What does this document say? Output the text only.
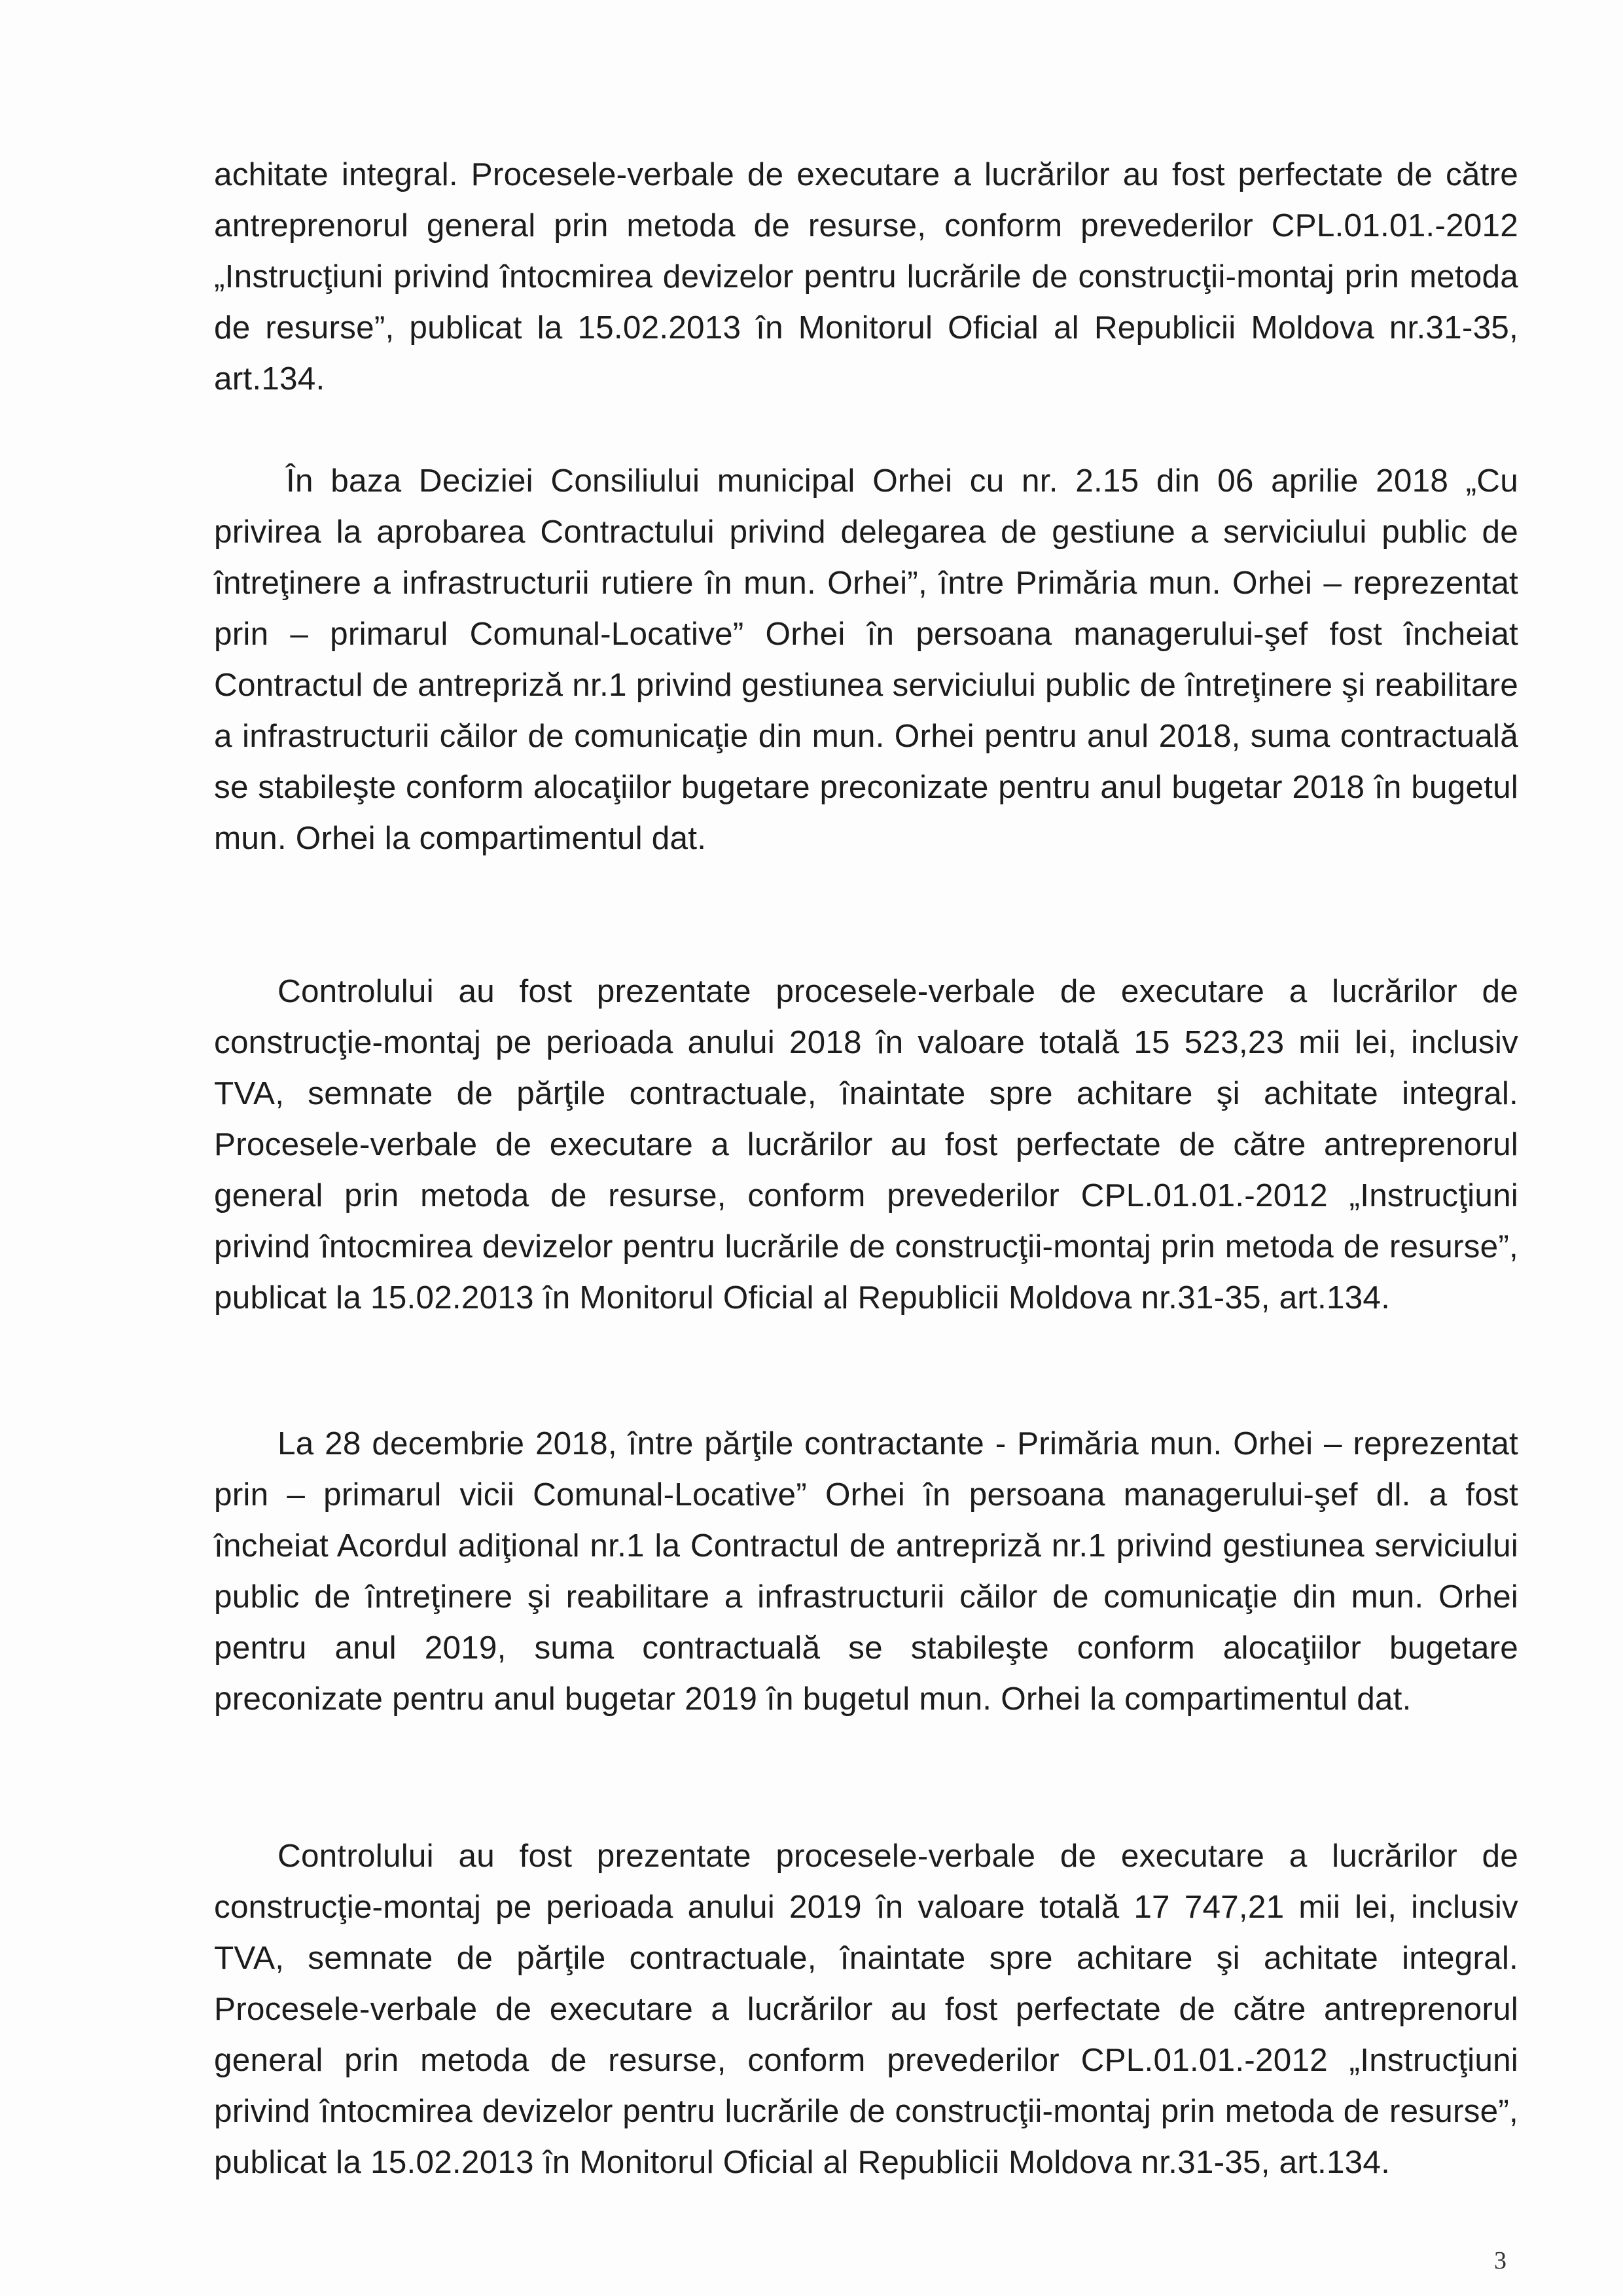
achitate integral. Procesele-verbale de executare a lucrărilor au fost perfectate de către antreprenorul general prin metoda de resurse, conform prevederilor CPL.01.01.-2012 „Instrucţiuni privind întocmirea devizelor pentru lucrările de construcţii-montaj prin metoda de resurse”, publicat la 15.02.2013 în Monitorul Oficial al Republicii Moldova nr.31-35, art.134.

În baza Deciziei Consiliului municipal Orhei cu nr. 2.15 din 06 aprilie 2018 „Cu privirea la aprobarea Contractului privind delegarea de gestiune a serviciului public de întreţinere a infrastructurii rutiere în mun. Orhei”, între Primăria mun. Orhei – reprezentat prin – primarul Comunal-Locative” Orhei în persoana managerului-şef fost încheiat Contractul de antrepriză nr.1 privind gestiunea serviciului public de întreţinere şi reabilitare a infrastructurii căilor de comunicaţie din mun. Orhei pentru anul 2018, suma contractuală se stabileşte conform alocaţiilor bugetare preconizate pentru anul bugetar 2018 în bugetul mun. Orhei la compartimentul dat.

Controlului au fost prezentate procesele-verbale de executare a lucrărilor de construcţie-montaj pe perioada anului 2018 în valoare totală 15 523,23 mii lei, inclusiv TVA, semnate de părţile contractuale, înaintate spre achitare şi achitate integral. Procesele-verbale de executare a lucrărilor au fost perfectate de către antreprenorul general prin metoda de resurse, conform prevederilor CPL.01.01.-2012 „Instrucţiuni privind întocmirea devizelor pentru lucrările de construcţii-montaj prin metoda de resurse”, publicat la 15.02.2013 în Monitorul Oficial al Republicii Moldova nr.31-35, art.134.

La 28 decembrie 2018, între părţile contractante - Primăria mun. Orhei – reprezentat prin – primarul vicii Comunal-Locative” Orhei în persoana managerului-şef dl. a fost încheiat Acordul adiţional nr.1 la Contractul de antrepriză nr.1 privind gestiunea serviciului public de întreţinere şi reabilitare a infrastructurii căilor de comunicaţie din mun. Orhei pentru anul 2019, suma contractuală se stabileşte conform alocaţiilor bugetare preconizate pentru anul bugetar 2019 în bugetul mun. Orhei la compartimentul dat.

Controlului au fost prezentate procesele-verbale de executare a lucrărilor de construcţie-montaj pe perioada anului 2019 în valoare totală 17 747,21 mii lei, inclusiv TVA, semnate de părţile contractuale, înaintate spre achitare şi achitate integral. Procesele-verbale de executare a lucrărilor au fost perfectate de către antreprenorul general prin metoda de resurse, conform prevederilor CPL.01.01.-2012 „Instrucţiuni privind întocmirea devizelor pentru lucrările de construcţii-montaj prin metoda de resurse”, publicat la 15.02.2013 în Monitorul Oficial al Republicii Moldova nr.31-35, art.134.

3
